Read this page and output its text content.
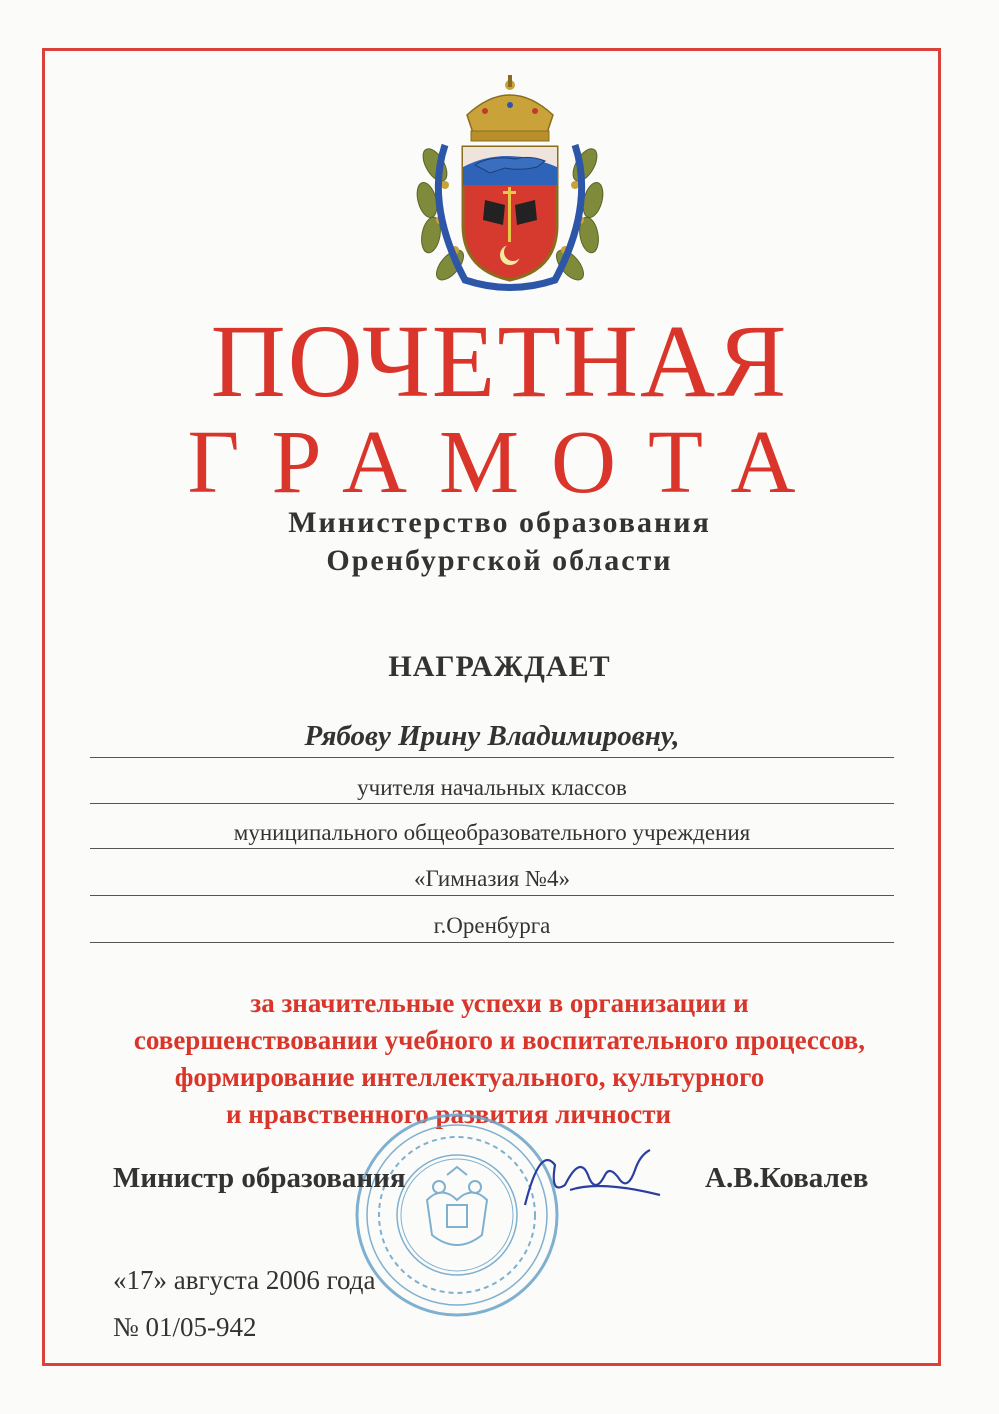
ПОЧЕТНАЯ
ГРАМОТА
Министерство образования
Оренбургской области
НАГРАЖДАЕТ
Рябову Ирину Владимировну,
учителя начальных классов
муниципального общеобразовательного учреждения
«Гимназия №4»
г.Оренбурга
за значительные успехи в организации и
совершенствовании учебного и воспитательного процессов,
формирование интеллектуального, культурного
и нравственного развития личности
Министр образования	А.В.Ковалев
«17» августа 2006 года
№ 01/05-942
